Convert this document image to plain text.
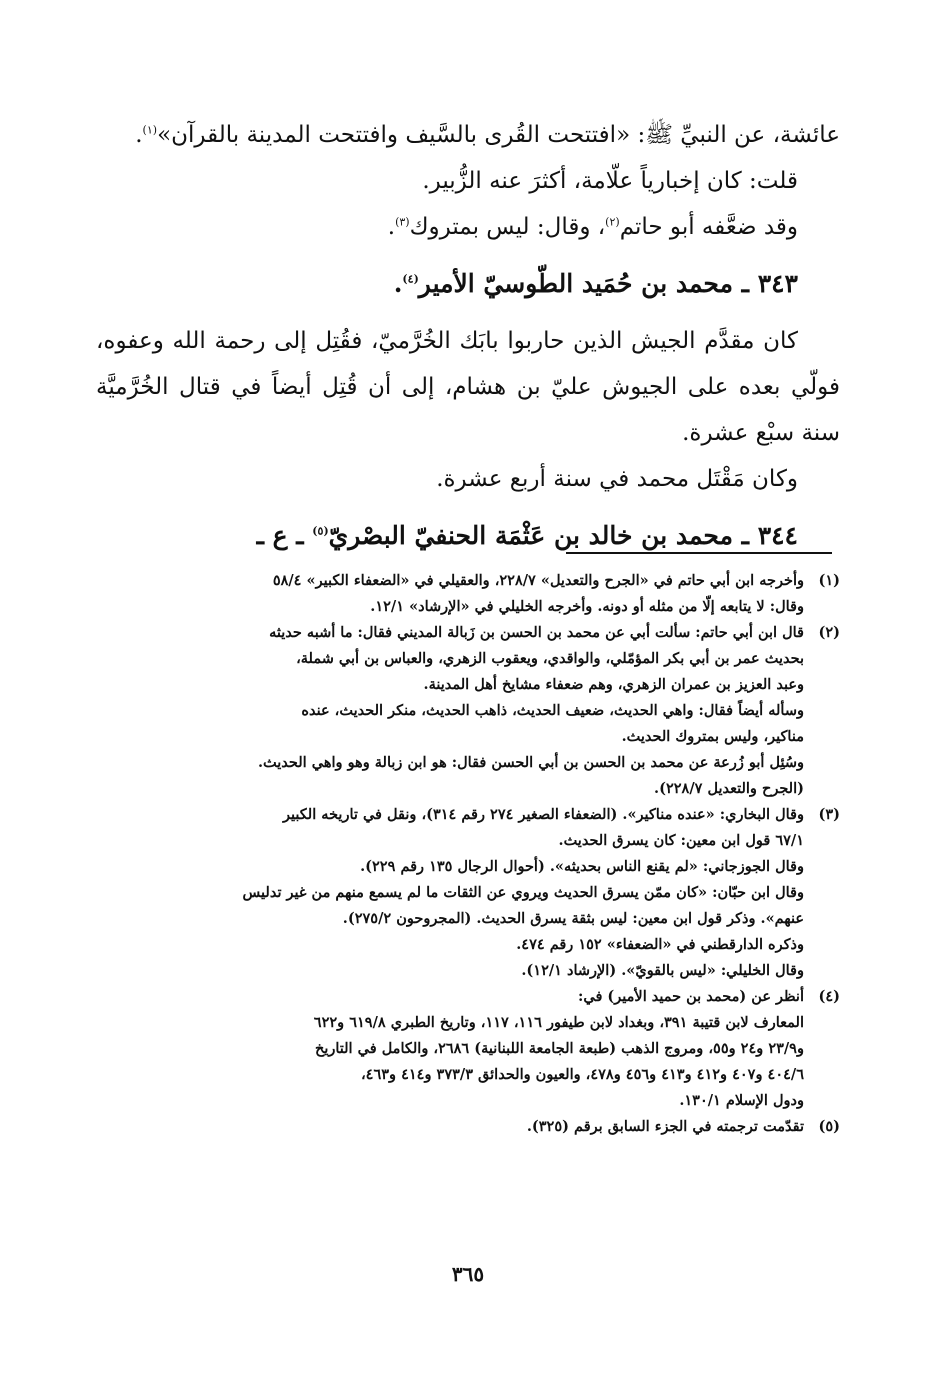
عائشة، عن النبيِّ ﷺ: «افتتحت القُرى بالسَّيف وافتتحت المدينة بالقرآن»$^{(١)}$.
قلت: كان إخبارياً علّامة، أكثرَ عنه الزُّبير.
وقد ضعَّفه أبو حاتم$^{(٢)}$، وقال: ليس بمتروك$^{(٣)}$.
٣٤٣ ـ محمد بن حُمَيد الطّوسيّ الأمير$^{(٤)}$.
كان مقدَّم الجيش الذين حاربوا بابَك الخُرَّميّ، فقُتِل إلى رحمة الله وعفوه، فولّي بعده على الجيوش عليّ بن هشام، إلى أن قُتِل أيضاً في قتال الخُرَّميَّة سنة سبْع عشرة.
وكان مَقْتَل محمد في سنة أربع عشرة.
٣٤٤ ـ محمد بن خالد بن عَثْمَة الحنفيّ البصْريّ$^{(٥)}$ ـ ع ـ
(١)
وأخرجه ابن أبي حاتم في «الجرح والتعديل» ٢٢٨/٧، والعقيلي في «الضعفاء الكبير» ٥٨/٤
وقال: لا يتابعه إلّا من مثله أو دونه. وأخرجه الخليلي في «الإرشاد» ١٢/١.
(٢)
قال ابن أبي حاتم: سألت أبي عن محمد بن الحسن بن زَبالة المديني فقال: ما أشبه حديثه
بحديث عمر بن أبي بكر المؤمّلي، والواقدي، ويعقوب الزهري، والعباس بن أبي شملة،
وعبد العزيز بن عمران الزهري، وهم ضعفاء مشايخ أهل المدينة.
وسأله أيضاً فقال: واهي الحديث، ضعيف الحديث، ذاهب الحديث، منكر الحديث، عنده
مناكير، وليس بمتروك الحديث.
وسُئِل أبو زُرعة عن محمد بن الحسن بن أبي الحسن فقال: هو ابن زبالة وهو واهي الحديث.
(الجرح والتعديل ٢٢٨/٧).
(٣)
وقال البخاري: «عنده مناكير». (الضعفاء الصغير ٢٧٤ رقم ٣١٤)، ونقل في تاريخه الكبير
٦٧/١ قول ابن معين: كان يسرق الحديث.
وقال الجوزجاني: «لم يقنع الناس بحديثه». (أحوال الرجال ١٣٥ رقم ٢٢٩).
وقال ابن حبّان: «كان ممّن يسرق الحديث ويروي عن الثقات ما لم يسمع منهم من غير تدليس
عنهم». وذكر قول ابن معين: ليس بثقة يسرق الحديث. (المجروحون ٢٧٥/٢).
وذكره الدارقطني في «الضعفاء» ١٥٢ رقم ٤٧٤.
وقال الخليلي: «ليس بالقويّ». (الإرشاد ١٢/١).
(٤)
أنظر عن (محمد بن حميد الأمير) في:
المعارف لابن قتيبة ٣٩١، وبغداد لابن طيفور ١١٦، ١١٧، وتاريخ الطبري ٦١٩/٨ و٦٢٢
و٢٣/٩ و٢٤ و٥٥، ومروج الذهب (طبعة الجامعة اللبنانية) ٢٦٨٦، والكامل في التاريخ
٤٠٤/٦ و٤٠٧ و٤١٢ و٤١٣ و٤٥٦ و٤٧٨، والعيون والحدائق ٣٧٣/٣ و٤١٤ و٤٦٣،
ودول الإسلام ١٣٠/١.
(٥)
تقدّمت ترجمته في الجزء السابق برقم (٣٢٥).
٣٦٥
